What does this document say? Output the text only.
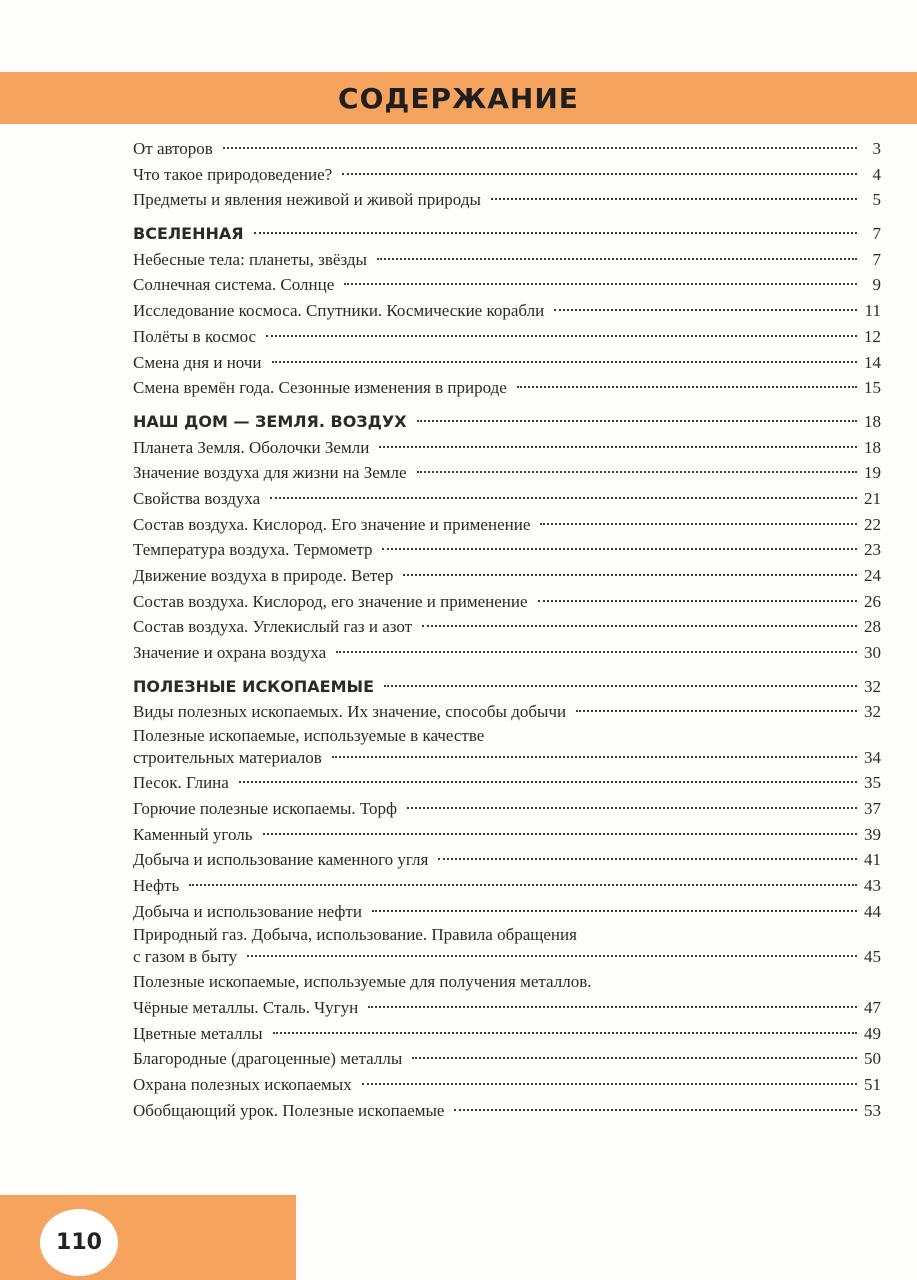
СОДЕРЖАНИЕ
От авторов	3
Что такое природоведение?	4
Предметы и явления неживой и живой природы	5
ВСЕЛЕННАЯ	7
Небесные тела: планеты, звёзды	7
Солнечная система. Солнце	9
Исследование космоса. Спутники. Космические корабли	11
Полёты в космос	12
Смена дня и ночи	14
Смена времён года. Сезонные изменения в природе	15
НАШ ДОМ — ЗЕМЛЯ. ВОЗДУХ	18
Планета Земля. Оболочки Земли	18
Значение воздуха для жизни на Земле	19
Свойства воздуха	21
Состав воздуха. Кислород. Его значение и применение	22
Температура воздуха. Термометр	23
Движение воздуха в природе. Ветер	24
Состав воздуха. Кислород, его значение и применение	26
Состав воздуха. Углекислый газ и азот	28
Значение и охрана воздуха	30
ПОЛЕЗНЫЕ ИСКОПАЕМЫЕ	32
Виды полезных ископаемых. Их значение, способы добычи	32
Полезные ископаемые, используемые в качестве
строительных материалов	34
Песок. Глина	35
Горючие полезные ископаемы. Торф	37
Каменный уголь	39
Добыча и использование каменного угля	41
Нефть	43
Добыча и использование нефти	44
Природный газ. Добыча, использование. Правила обращения
с газом в быту	45
Полезные ископаемые, используемые для получения металлов.
Чёрные металлы. Сталь. Чугун	47
Цветные металлы	49
Благородные (драгоценные) металлы	50
Охрана полезных ископаемых	51
Обобщающий урок. Полезные ископаемые	53
110
